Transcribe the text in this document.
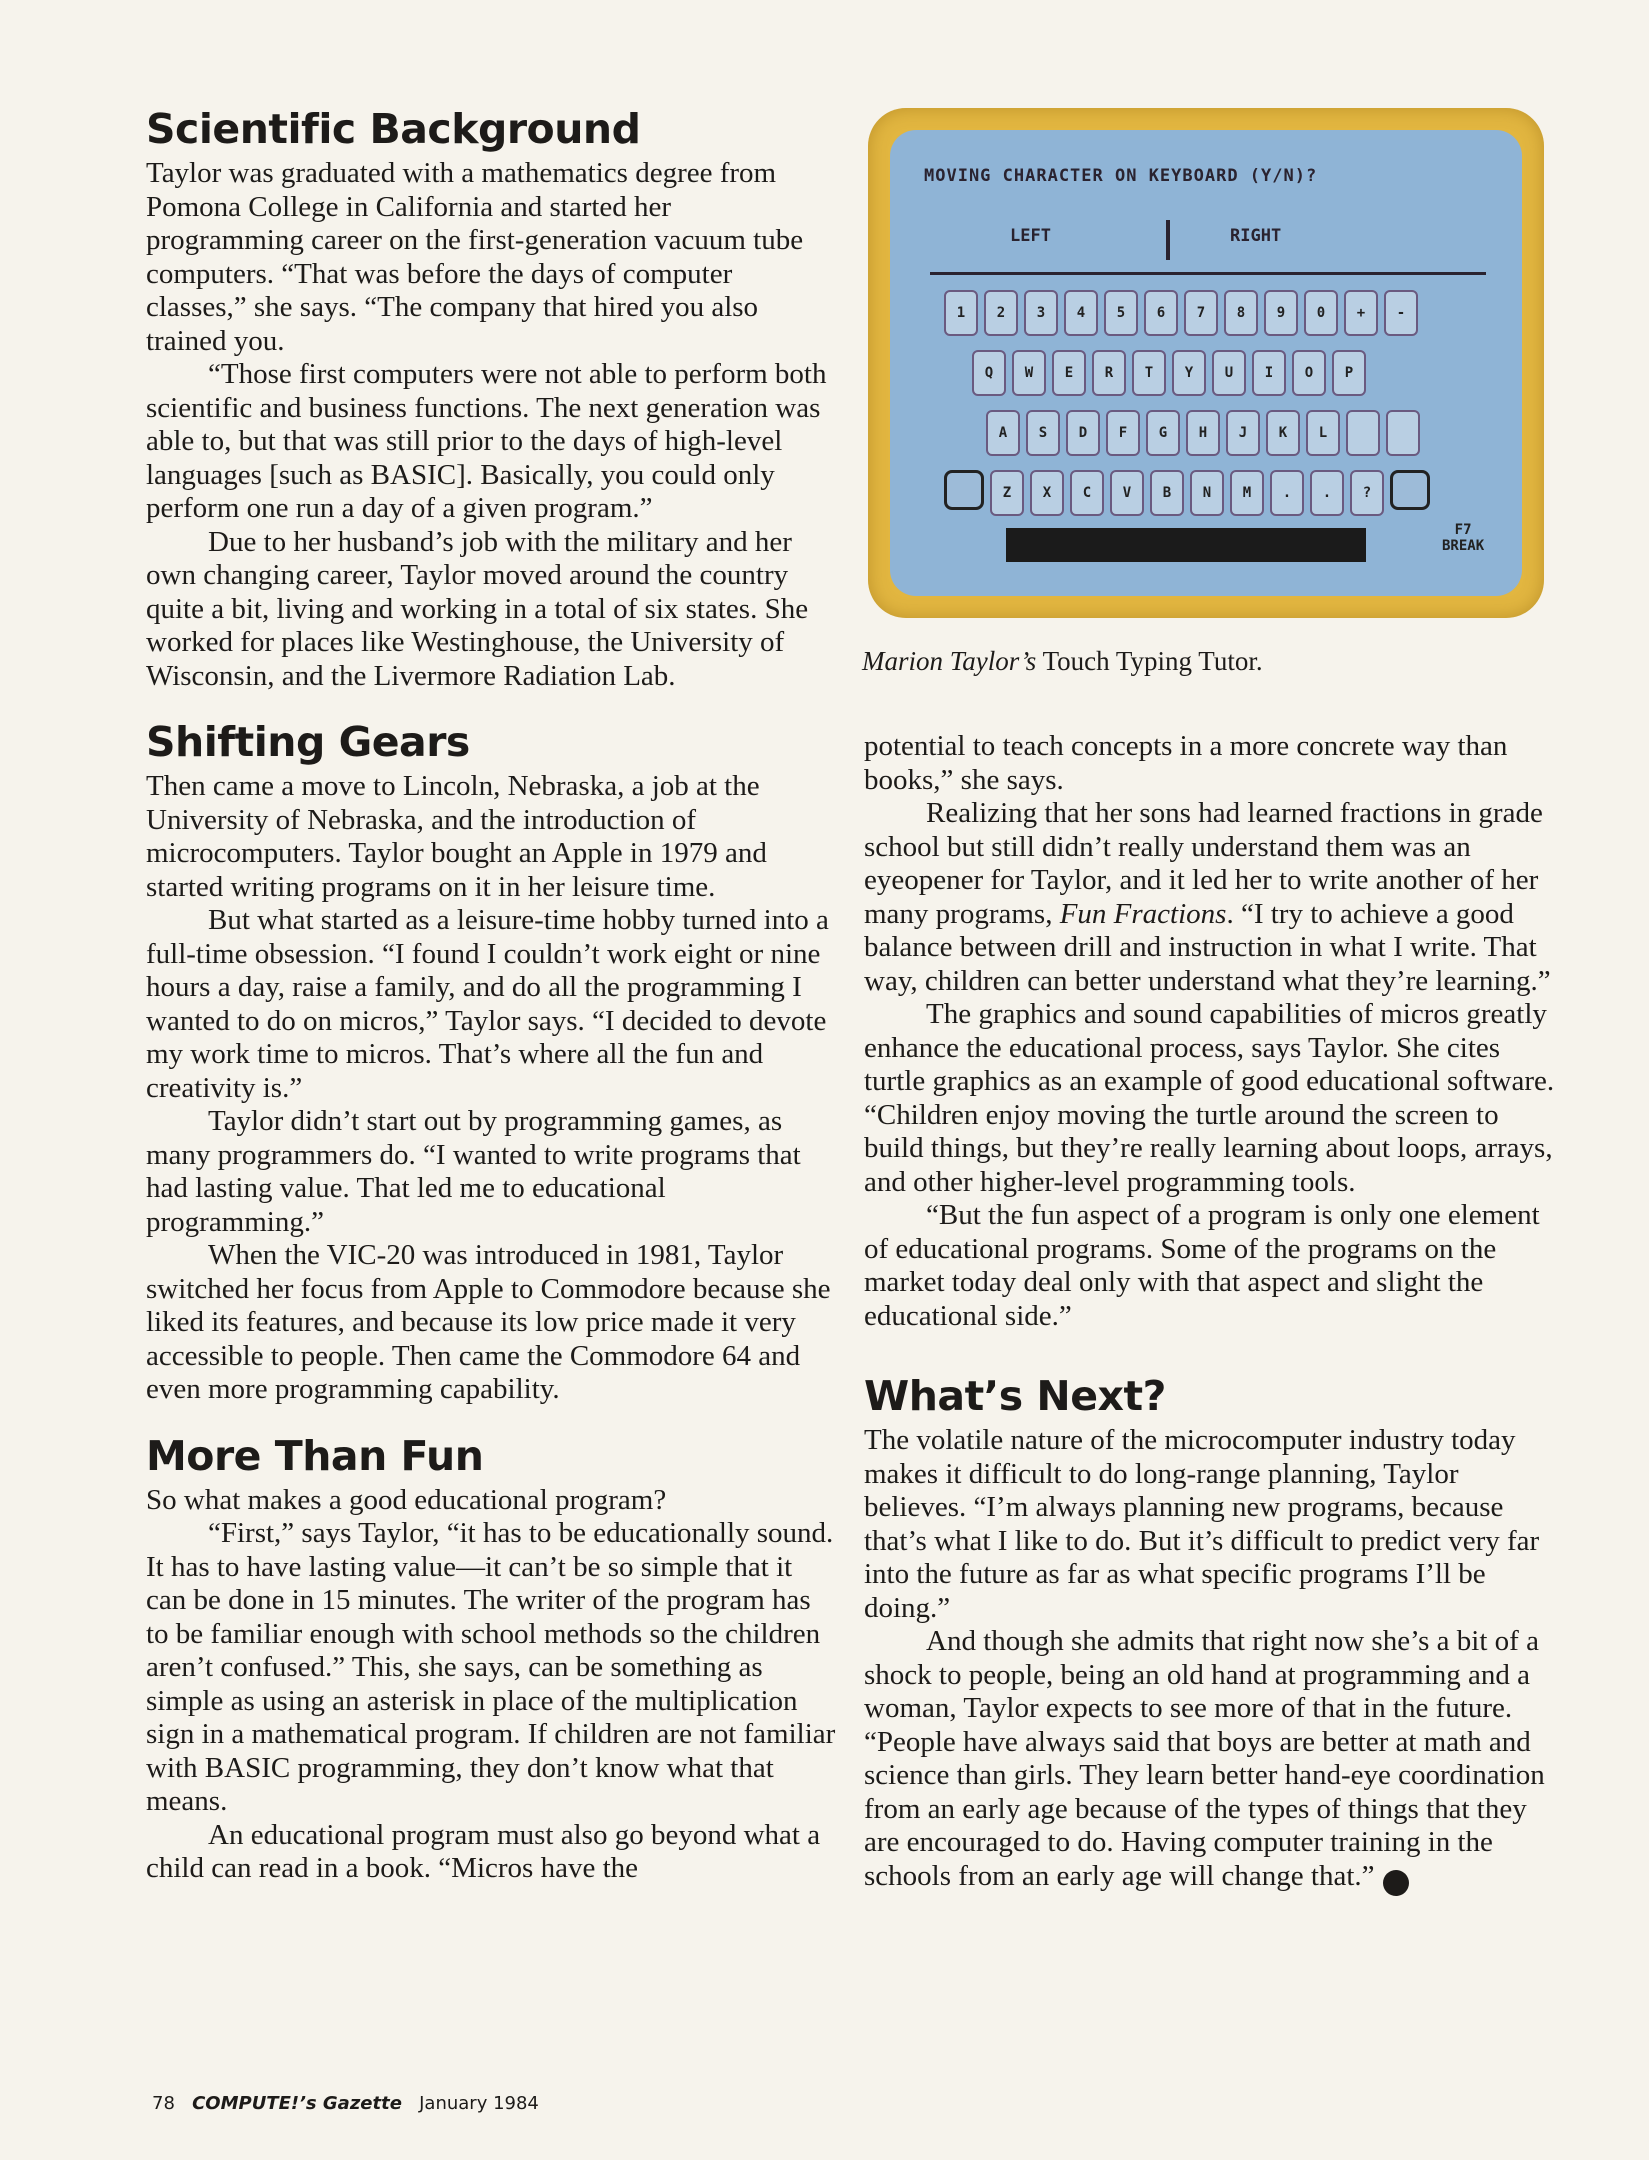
Scientific Background

Taylor was graduated with a mathematics degree from Pomona College in California and started her programming career on the first-generation vacuum tube computers. “That was before the days of computer classes,” she says. “The company that hired you also trained you.

“Those first computers were not able to perform both scientific and business functions. The next generation was able to, but that was still prior to the days of high-level languages [such as BASIC]. Basically, you could only perform one run a day of a given program.”

Due to her husband’s job with the military and her own changing career, Taylor moved around the country quite a bit, living and working in a total of six states. She worked for places like Westinghouse, the University of Wisconsin, and the Livermore Radiation Lab.

Shifting Gears

Then came a move to Lincoln, Nebraska, a job at the University of Nebraska, and the introduction of microcomputers. Taylor bought an Apple in 1979 and started writing programs on it in her leisure time.

But what started as a leisure-time hobby turned into a full-time obsession. “I found I couldn’t work eight or nine hours a day, raise a family, and do all the programming I wanted to do on micros,” Taylor says. “I decided to devote my work time to micros. That’s where all the fun and creativity is.”

Taylor didn’t start out by programming games, as many programmers do. “I wanted to write programs that had lasting value. That led me to educational programming.”

When the VIC-20 was introduced in 1981, Taylor switched her focus from Apple to Commodore because she liked its features, and because its low price made it very accessible to people. Then came the Commodore 64 and even more programming capability.

More Than Fun

So what makes a good educational program?

“First,” says Taylor, “it has to be educationally sound. It has to have lasting value—it can’t be so simple that it can be done in 15 minutes. The writer of the program has to be familiar enough with school methods so the children aren’t confused.” This, she says, can be something as simple as using an asterisk in place of the multiplication sign in a mathematical program. If children are not familiar with BASIC programming, they don’t know what that means.

An educational program must also go beyond what a child can read in a book. “Micros have the

MOVING CHARACTER ON KEYBOARD (Y/N)?
LEFT	RIGHT
1	2	3	4	5	6	7	8	9	0	+	-
Q	W	E	R	T	Y	U	I	O	P
A	S	D	F	G	H	J	K	L
Z	X	C	V	B	N	M	.	.	?
F7
BREAK
Marion Taylor’s Touch Typing Tutor.

potential to teach concepts in a more concrete way than books,” she says.

Realizing that her sons had learned fractions in grade school but still didn’t really understand them was an eyeopener for Taylor, and it led her to write another of her many programs, Fun Fractions. “I try to achieve a good balance between drill and instruction in what I write. That way, children can better understand what they’re learning.”

The graphics and sound capabilities of micros greatly enhance the educational process, says Taylor. She cites turtle graphics as an example of good educational software. “Children enjoy moving the turtle around the screen to build things, but they’re really learning about loops, arrays, and other higher-level programming tools.

“But the fun aspect of a program is only one element of educational programs. Some of the programs on the market today deal only with that aspect and slight the educational side.”

What’s Next?

The volatile nature of the microcomputer industry today makes it difficult to do long-range planning, Taylor believes. “I’m always planning new programs, because that’s what I like to do. But it’s difficult to predict very far into the future as far as what specific programs I’ll be doing.”

And though she admits that right now she’s a bit of a shock to people, being an old hand at programming and a woman, Taylor expects to see more of that in the future. “People have always said that boys are better at math and science than girls. They learn better hand-eye coordination from an early age because of the types of things that they are encouraged to do. Having computer training in the schools from an early age will change that.”	G

78 COMPUTE!’s Gazette January 1984
